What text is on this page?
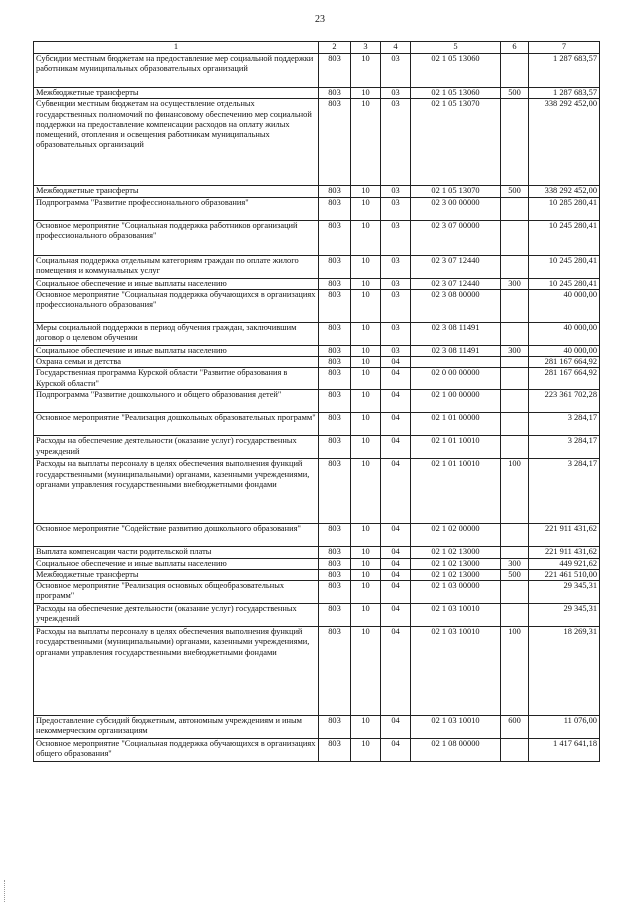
23
1	2	3	4	5	6	7
Субсидии местным бюджетам на предоставление мер социальной поддержки работникам муниципальных образовательных организаций	803	10	03	02 1 05 13060		1 287 683,57
Межбюджетные трансферты	803	10	03	02 1 05 13060	500	1 287 683,57
Субвенции местным бюджетам на осуществление отдельных государственных полномочий по финансовому обеспечению мер социальной поддержки на предоставление компенсации расходов на оплату жилых помещений, отопления и освещения работникам муниципальных образовательных организаций	803	10	03	02 1 05 13070		338 292 452,00
Межбюджетные трансферты	803	10	03	02 1 05 13070	500	338 292 452,00
Подпрограмма "Развитие профессионального образования"	803	10	03	02 3 00 00000		10 285 280,41
Основное мероприятие "Социальная поддержка работников организаций профессионального образования"	803	10	03	02 3 07 00000		10 245 280,41
Социальная поддержка отдельным категориям граждан по оплате жилого помещения и коммунальных услуг	803	10	03	02 3 07 12440		10 245 280,41
Социальное обеспечение и иные выплаты населению	803	10	03	02 3 07 12440	300	10 245 280,41
Основное мероприятие "Социальная поддержка обучающихся в организациях профессионального образования"	803	10	03	02 3 08 00000		40 000,00
Меры социальной поддержки в период обучения граждан, заключившим договор о целевом обучении	803	10	03	02 3 08 11491		40 000,00
Социальное обеспечение и иные выплаты населению	803	10	03	02 3 08 11491	300	40 000,00
Охрана семьи и детства	803	10	04			281 167 664,92
Государственная программа Курской области "Развитие образования в Курской области"	803	10	04	02 0 00 00000		281 167 664,92
Подпрограмма "Развитие дошкольного и общего образования детей"	803	10	04	02 1 00 00000		223 361 702,28
Основное мероприятие "Реализация дошкольных образовательных программ"	803	10	04	02 1 01 00000		3 284,17
Расходы на обеспечение деятельности (оказание услуг) государственных учреждений	803	10	04	02 1 01 10010		3 284,17
Расходы на выплаты персоналу в целях обеспечения выполнения функций государственными (муниципальными) органами, казенными учреждениями, органами управления государственными внебюджетными фондами	803	10	04	02 1 01 10010	100	3 284,17
Основное мероприятие "Содействие развитию дошкольного образования"	803	10	04	02 1 02 00000		221 911 431,62
Выплата компенсации части родительской платы	803	10	04	02 1 02 13000		221 911 431,62
Социальное обеспечение и иные выплаты населению	803	10	04	02 1 02 13000	300	449 921,62
Межбюджетные трансферты	803	10	04	02 1 02 13000	500	221 461 510,00
Основное мероприятие "Реализация основных общеобразовательных программ"	803	10	04	02 1 03 00000		29 345,31
Расходы на обеспечение деятельности (оказание услуг) государственных учреждений	803	10	04	02 1 03 10010		29 345,31
Расходы на выплаты персоналу в целях обеспечения выполнения функций государственными (муниципальными) органами, казенными учреждениями, органами управления государственными внебюджетными фондами	803	10	04	02 1 03 10010	100	18 269,31
Предоставление субсидий бюджетным, автономным учреждениям и иным некоммерческим организациям	803	10	04	02 1 03 10010	600	11 076,00
Основное мероприятие "Социальная поддержка обучающихся в организациях общего образования"	803	10	04	02 1 08 00000		1 417 641,18
